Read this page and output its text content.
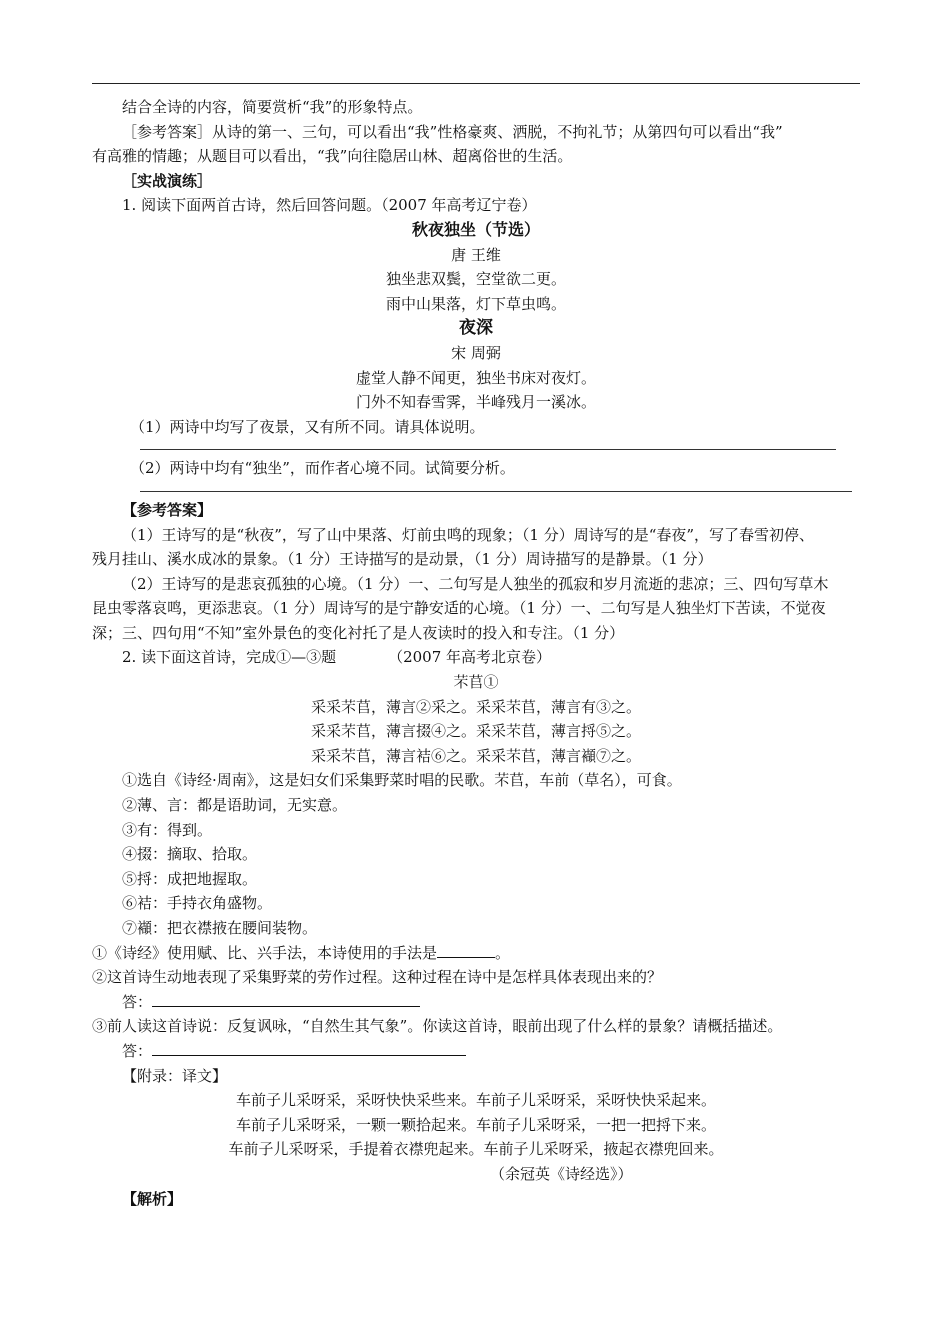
结合全诗的内容，简要赏析“我”的形象特点。

［参考答案］从诗的第一、三句，可以看出“我”性格豪爽、洒脱，不拘礼节；从第四句可以看出“我”

有高雅的情趣；从题目可以看出，“我”向往隐居山林、超离俗世的生活。

［实战演练］

1. 阅读下面两首古诗，然后回答问题。（2007 年高考辽宁卷）

秋夜独坐（节选）

唐 王维

独坐悲双鬓，空堂欲二更。

雨中山果落，灯下草虫鸣。

夜深

宋 周弼

虚堂人静不闻更，独坐书床对夜灯。

门外不知春雪霁，半峰残月一溪冰。

（1）两诗中均写了夜景，又有所不同。请具体说明。

（2）两诗中均有“独坐”，而作者心境不同。试简要分析。

【参考答案】

（1）王诗写的是“秋夜”，写了山中果落、灯前虫鸣的现象；（1 分）周诗写的是“春夜”，写了春雪初停、

残月挂山、溪水成冰的景象。（1 分）王诗描写的是动景，（1 分）周诗描写的是静景。（1 分）

（2）王诗写的是悲哀孤独的心境。（1 分）一、二句写是人独坐的孤寂和岁月流逝的悲凉；三、四句写草木

昆虫零落哀鸣，更添悲哀。（1 分）周诗写的是宁静安适的心境。（1 分）一、二句写是人独坐灯下苦读，不觉夜

深；三、四句用“不知”室外景色的变化衬托了是人夜读时的投入和专注。（1 分）

2. 读下面这首诗，完成①—③题	（2007 年高考北京卷）

芣苢①

采采芣苢，薄言②采之。采采芣苢，薄言有③之。

采采芣苢，薄言掇④之。采采芣苢，薄言捋⑤之。

采采芣苢，薄言袺⑥之。采采芣苢，薄言襭⑦之。

①选自《诗经·周南》，这是妇女们采集野菜时唱的民歌。芣苢，车前（草名），可食。

②薄、言：都是语助词，无实意。

③有：得到。

④掇：摘取、拾取。

⑤捋：成把地握取。

⑥袺：手持衣角盛物。

⑦襭：把衣襟掖在腰间装物。

①《诗经》使用赋、比、兴手法，本诗使用的手法是	。

②这首诗生动地表现了采集野菜的劳作过程。这种过程在诗中是怎样具体表现出来的？

答：

③前人读这首诗说：反复讽咏，“自然生其气象”。你读这首诗，眼前出现了什么样的景象？请概括描述。

答：

【附录：译文】

车前子儿采呀采，采呀快快采些来。车前子儿采呀采，采呀快快采起来。

车前子儿采呀采，一颗一颗拾起来。车前子儿采呀采，一把一把捋下来。

车前子儿采呀采，手提着衣襟兜起来。车前子儿采呀采，掖起衣襟兜回来。

（余冠英《诗经选》）

【解析】
